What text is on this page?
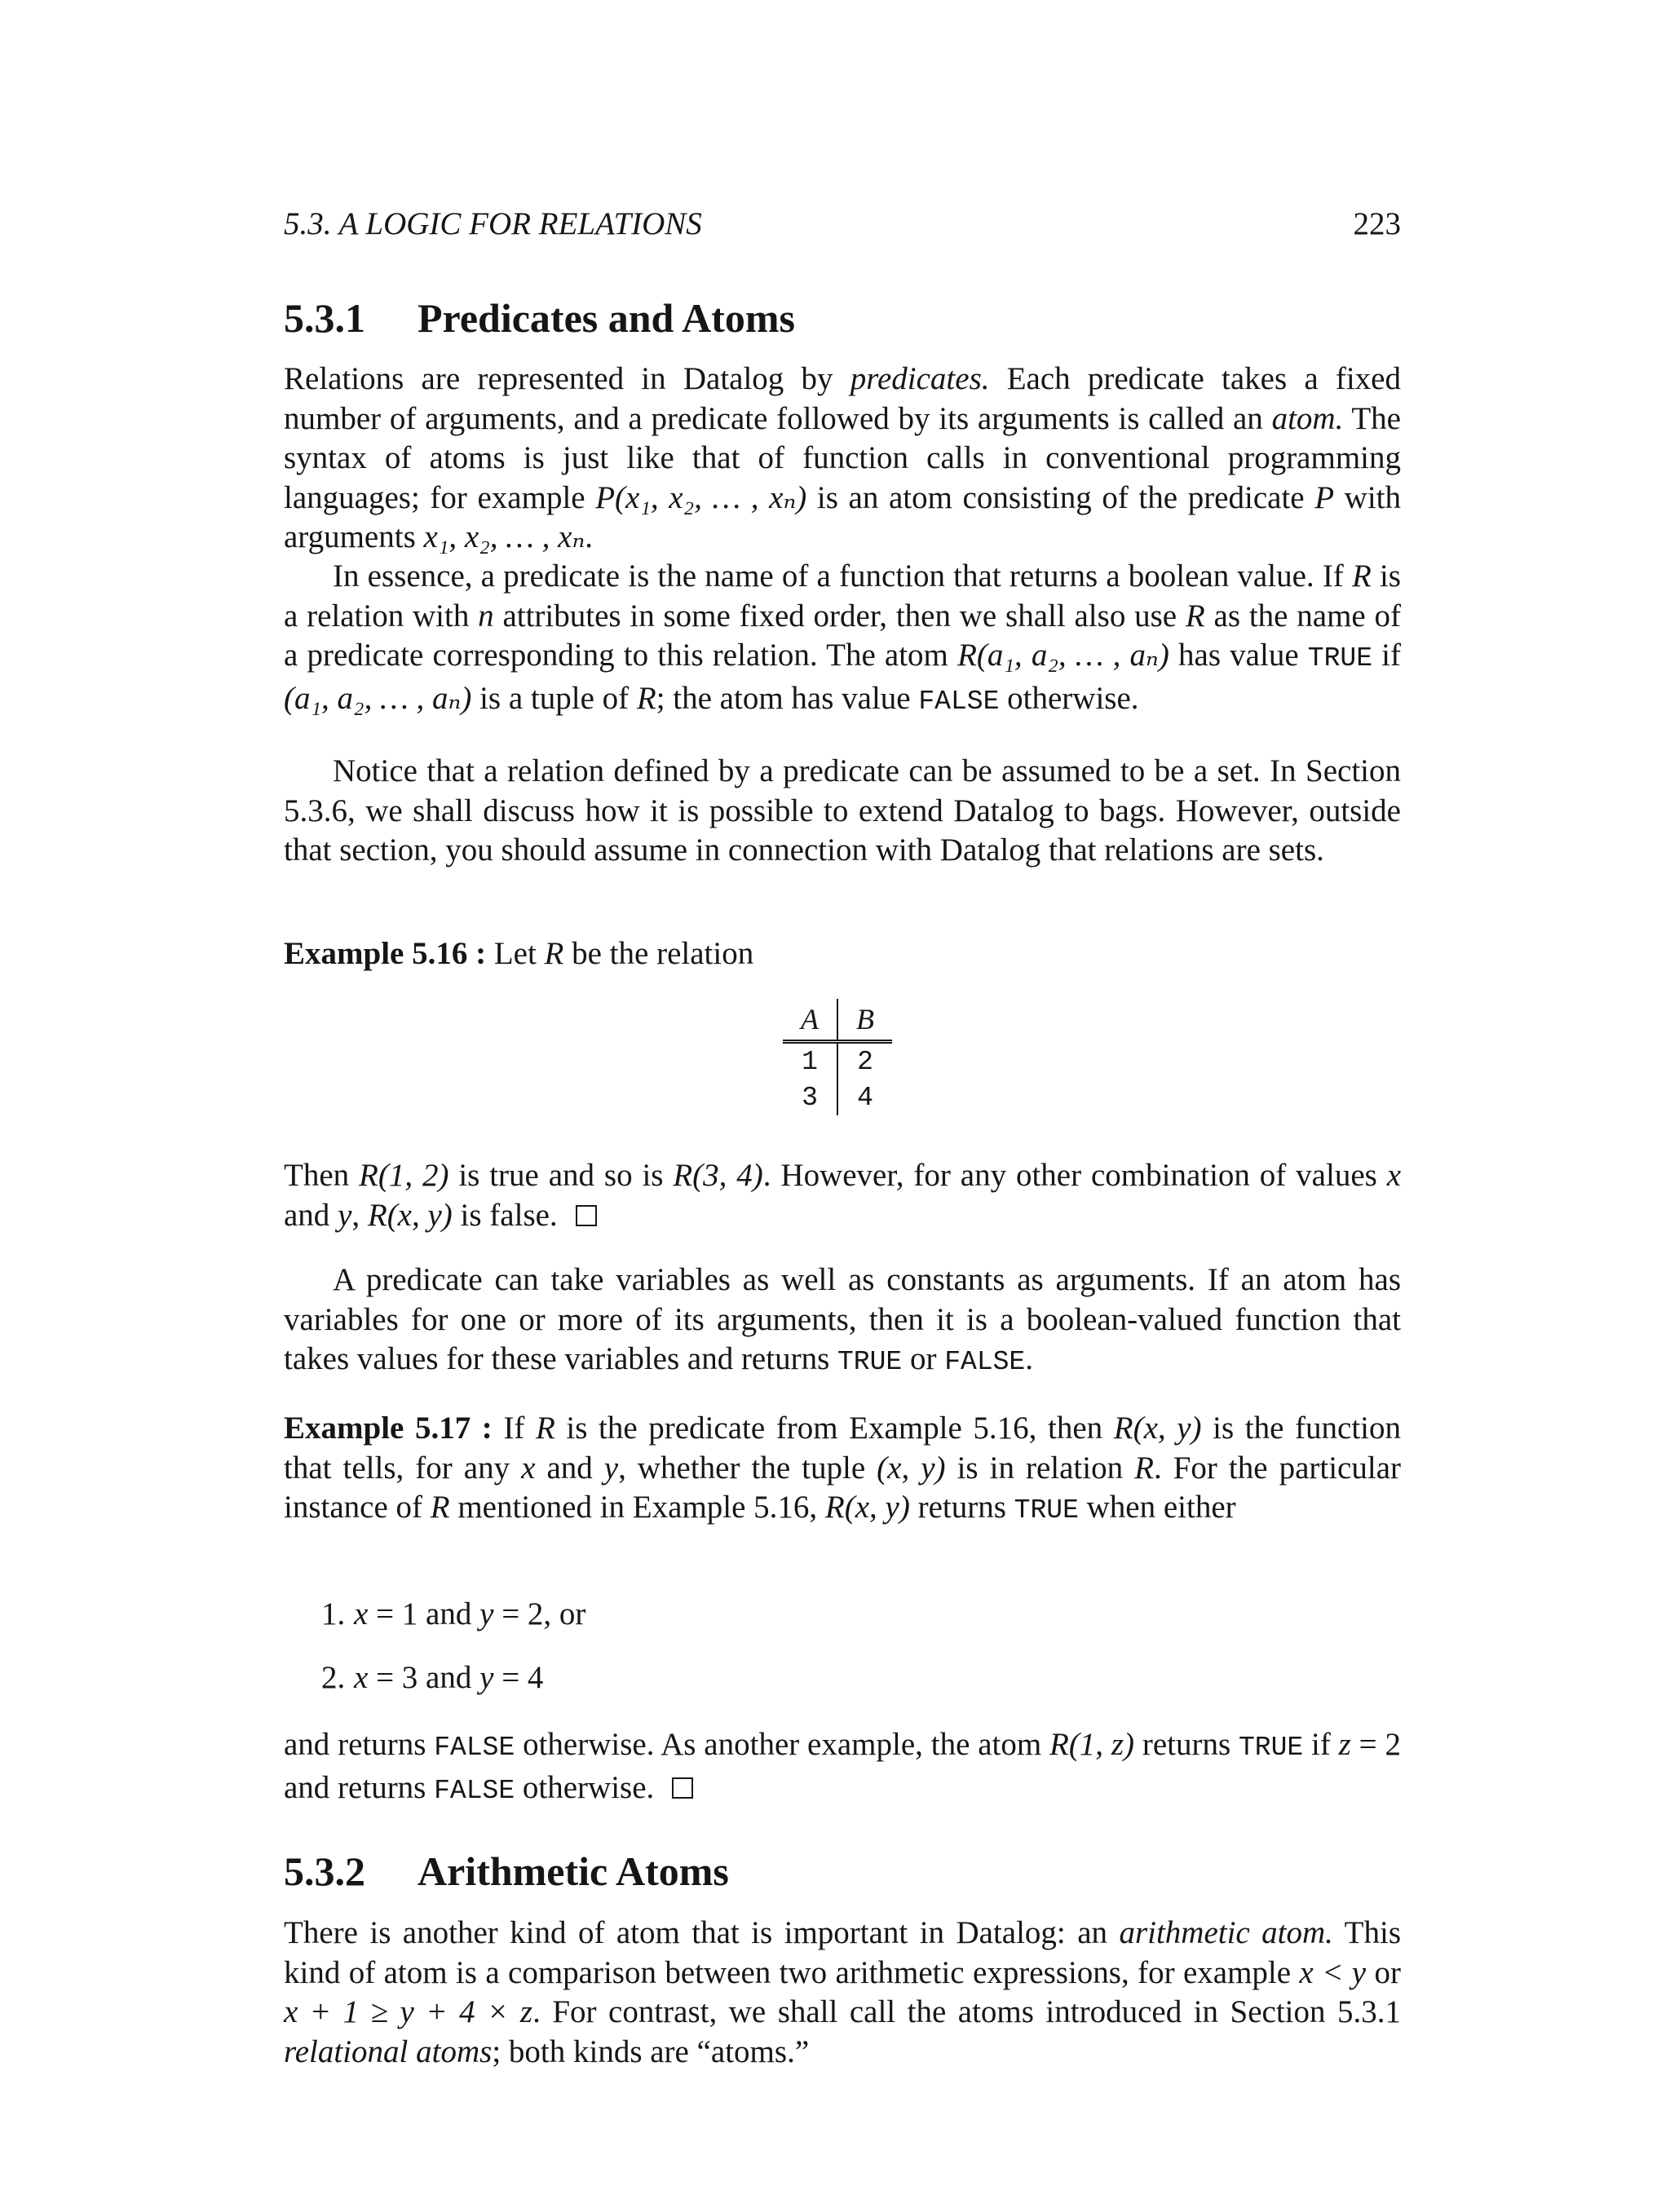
5.3. A LOGIC FOR RELATIONS	223
5.3.1 Predicates and Atoms

Relations are represented in Datalog by predicates. Each predicate takes a fixed number of arguments, and a predicate followed by its arguments is called an atom. The syntax of atoms is just like that of function calls in conventional programming languages; for example P(x₁, x₂, … , xₙ) is an atom consisting of the predicate P with arguments x₁, x₂, … , xₙ.

In essence, a predicate is the name of a function that returns a boolean value. If R is a relation with n attributes in some fixed order, then we shall also use R as the name of a predicate corresponding to this relation. The atom R(a₁, a₂, … , aₙ) has value TRUE if (a₁, a₂, … , aₙ) is a tuple of R; the atom has value FALSE otherwise.

Notice that a relation defined by a predicate can be assumed to be a set. In Section 5.3.6, we shall discuss how it is possible to extend Datalog to bags. However, outside that section, you should assume in connection with Datalog that relations are sets.

Example 5.16 : Let R be the relation

A	B
1	2
3	4

Then R(1, 2) is true and so is R(3, 4). However, for any other combination of values x and y, R(x, y) is false.

A predicate can take variables as well as constants as arguments. If an atom has variables for one or more of its arguments, then it is a boolean-valued function that takes values for these variables and returns TRUE or FALSE.

Example 5.17 : If R is the predicate from Example 5.16, then R(x, y) is the function that tells, for any x and y, whether the tuple (x, y) is in relation R. For the particular instance of R mentioned in Example 5.16, R(x, y) returns TRUE when either

1. x = 1 and y = 2, or
2. x = 3 and y = 4

and returns FALSE otherwise. As another example, the atom R(1, z) returns TRUE if z = 2 and returns FALSE otherwise.

5.3.2 Arithmetic Atoms

There is another kind of atom that is important in Datalog: an arithmetic atom. This kind of atom is a comparison between two arithmetic expressions, for example x < y or x + 1 ≥ y + 4 × z. For contrast, we shall call the atoms introduced in Section 5.3.1 relational atoms; both kinds are “atoms.”
